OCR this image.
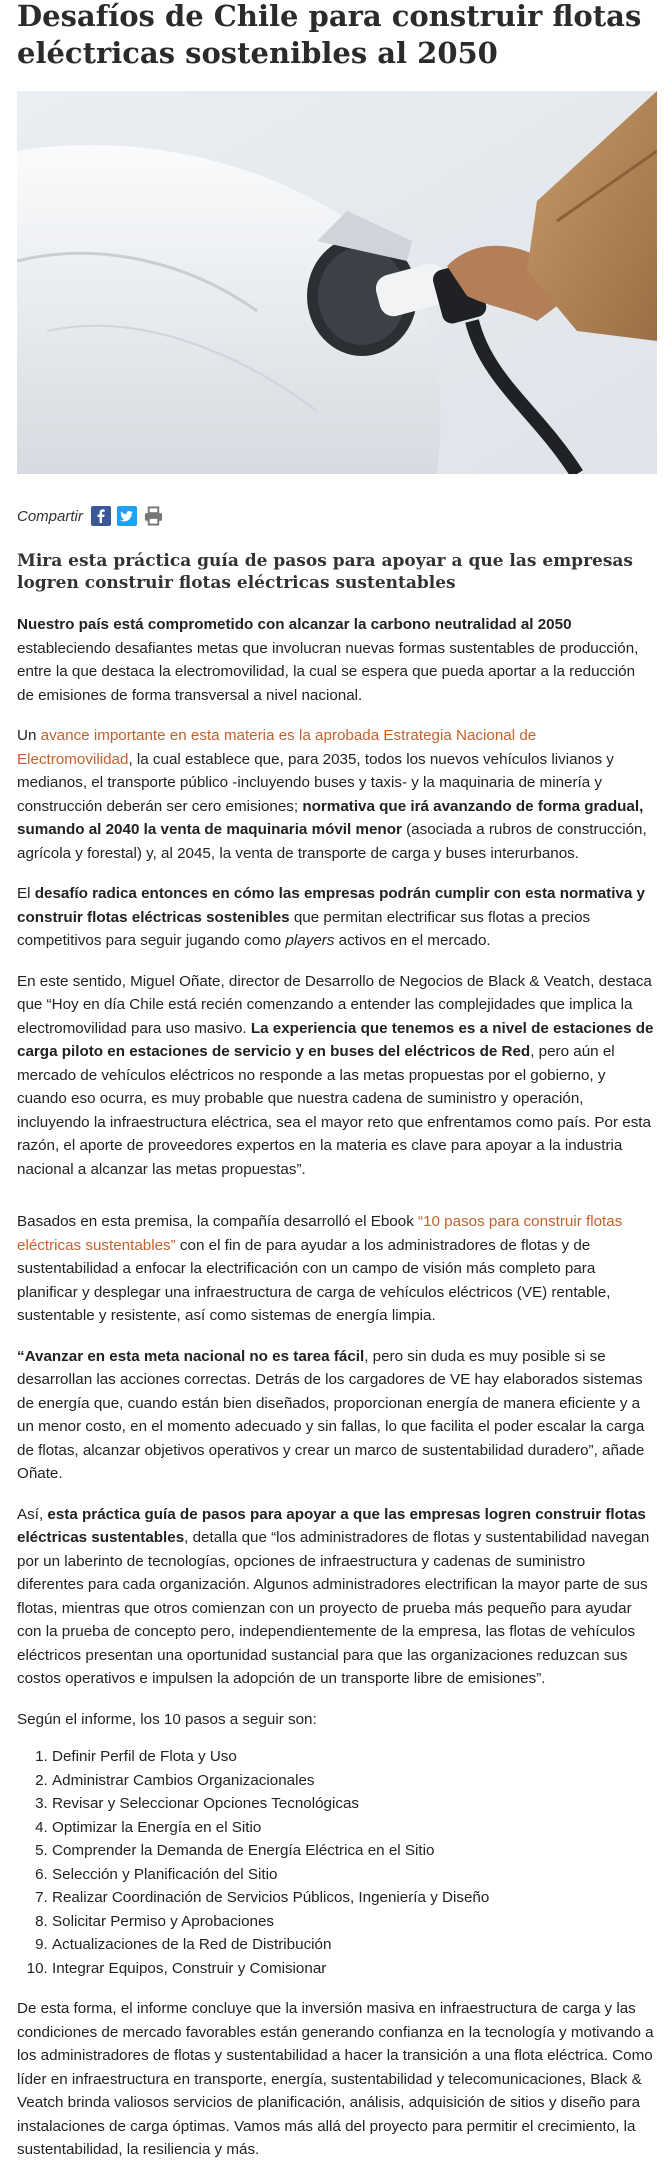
Desafíos de Chile para construir flotas eléctricas sostenibles al 2050
Compartir
Mira esta práctica guía de pasos para apoyar a que las empresas logren construir flotas eléctricas sustentables

Nuestro país está comprometido con alcanzar la carbono neutralidad al 2050 estableciendo desafiantes metas que involucran nuevas formas sustentables de producción, entre la que destaca la electromovilidad, la cual se espera que pueda aportar a la reducción de emisiones de forma transversal a nivel nacional.

Un avance importante en esta materia es la aprobada Estrategia Nacional de Electromovilidad, la cual establece que, para 2035, todos los nuevos vehículos livianos y medianos, el transporte público -incluyendo buses y taxis- y la maquinaria de minería y construcción deberán ser cero emisiones; normativa que irá avanzando de forma gradual, sumando al 2040 la venta de maquinaria móvil menor (asociada a rubros de construcción, agrícola y forestal) y, al 2045, la venta de transporte de carga y buses interurbanos.

El desafío radica entonces en cómo las empresas podrán cumplir con esta normativa y construir flotas eléctricas sostenibles que permitan electrificar sus flotas a precios competitivos para seguir jugando como players activos en el mercado.

En este sentido, Miguel Oñate, director de Desarrollo de Negocios de Black & Veatch, destaca que “Hoy en día Chile está recién comenzando a entender las complejidades que implica la electromovilidad para uso masivo. La experiencia que tenemos es a nivel de estaciones de carga piloto en estaciones de servicio y en buses del eléctricos de Red, pero aún el mercado de vehículos eléctricos no responde a las metas propuestas por el gobierno, y cuando eso ocurra, es muy probable que nuestra cadena de suministro y operación, incluyendo la infraestructura eléctrica, sea el mayor reto que enfrentamos como país. Por esta razón, el aporte de proveedores expertos en la materia es clave para apoyar a la industria nacional a alcanzar las metas propuestas”.

Basados en esta premisa, la compañía desarrolló el Ebook “10 pasos para construir flotas eléctricas sustentables” con el fin de para ayudar a los administradores de flotas y de sustentabilidad a enfocar la electrificación con un campo de visión más completo para planificar y desplegar una infraestructura de carga de vehículos eléctricos (VE) rentable, sustentable y resistente, así como sistemas de energía limpia.

“Avanzar en esta meta nacional no es tarea fácil, pero sin duda es muy posible si se desarrollan las acciones correctas. Detrás de los cargadores de VE hay elaborados sistemas de energía que, cuando están bien diseñados, proporcionan energía de manera eficiente y a un menor costo, en el momento adecuado y sin fallas, lo que facilita el poder escalar la carga de flotas, alcanzar objetivos operativos y crear un marco de sustentabilidad duradero”, añade Oñate.

Así, esta práctica guía de pasos para apoyar a que las empresas logren construir flotas eléctricas sustentables, detalla que “los administradores de flotas y sustentabilidad navegan por un laberinto de tecnologías, opciones de infraestructura y cadenas de suministro diferentes para cada organización. Algunos administradores electrifican la mayor parte de sus flotas, mientras que otros comienzan con un proyecto de prueba más pequeño para ayudar con la prueba de concepto pero, independientemente de la empresa, las flotas de vehículos eléctricos presentan una oportunidad sustancial para que las organizaciones reduzcan sus costos operativos e impulsen la adopción de un transporte libre de emisiones”.

Según el informe, los 10 pasos a seguir son:

1. Definir Perfil de Flota y Uso
2. Administrar Cambios Organizacionales
3. Revisar y Seleccionar Opciones Tecnológicas
4. Optimizar la Energía en el Sitio
5. Comprender la Demanda de Energía Eléctrica en el Sitio
6. Selección y Planificación del Sitio
7. Realizar Coordinación de Servicios Públicos, Ingeniería y Diseño
8. Solicitar Permiso y Aprobaciones
9. Actualizaciones de la Red de Distribución
10. Integrar Equipos, Construir y Comisionar

De esta forma, el informe concluye que la inversión masiva en infraestructura de carga y las condiciones de mercado favorables están generando confianza en la tecnología y motivando a los administradores de flotas y sustentabilidad a hacer la transición a una flota eléctrica. Como líder en infraestructura en transporte, energía, sustentabilidad y telecomunicaciones, Black & Veatch brinda valiosos servicios de planificación, análisis, adquisición de sitios y diseño para instalaciones de carga óptimas. Vamos más allá del proyecto para permitir el crecimiento, la sustentabilidad, la resiliencia y más.
